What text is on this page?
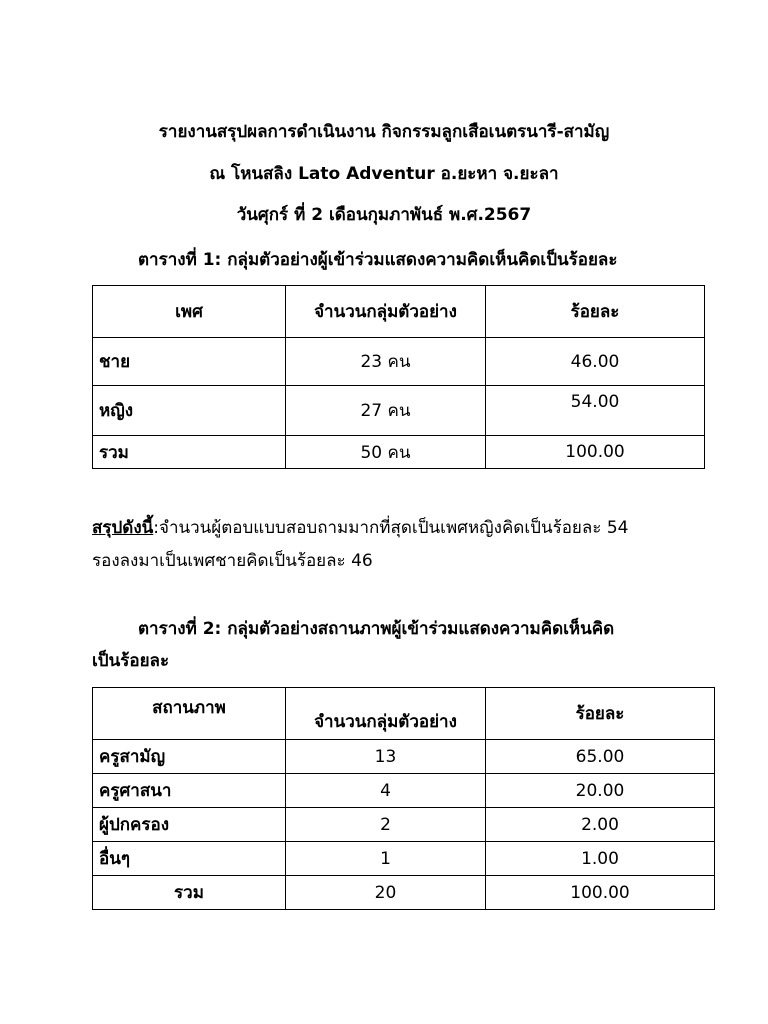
รายงานสรุปผลการดำเนินงาน กิจกรรมลูกเสือเนตรนารี-สามัญ
ณ โหนสลิง Lato Adventur อ.ยะหา จ.ยะลา
วันศุกร์ ที่ 2 เดือนกุมภาพันธ์ พ.ศ.2567
ตารางที่ 1: กลุ่มตัวอย่างผู้เข้าร่วมแสดงความคิดเห็นคิดเป็นร้อยละ
เพศ	จำนวนกลุ่มตัวอย่าง	ร้อยละ
ชาย	23 คน	46.00
หญิง	27 คน	54.00
รวม	50 คน	100.00
สรุปดังนี้:จำนวนผู้ตอบแบบสอบถามมากที่สุดเป็นเพศหญิงคิดเป็นร้อยละ 54
รองลงมาเป็นเพศชายคิดเป็นร้อยละ 46
ตารางที่ 2: กลุ่มตัวอย่างสถานภาพผู้เข้าร่วมแสดงความคิดเห็นคิด
เป็นร้อยละ
สถานภาพ	จำนวนกลุ่มตัวอย่าง	ร้อยละ
ครูสามัญ	13	65.00
ครูศาสนา	4	20.00
ผู้ปกครอง	2	2.00
อื่นๆ	1	1.00
รวม	20	100.00
